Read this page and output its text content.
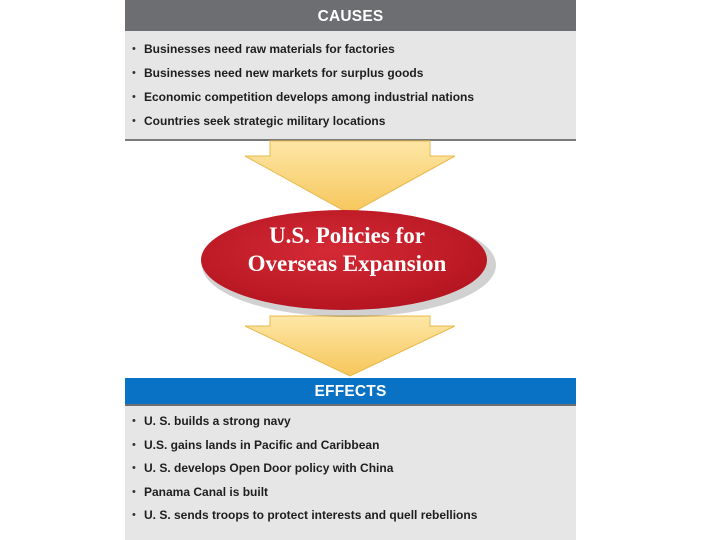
CAUSES
• Businesses need raw materials for factories
• Businesses need new markets for surplus goods
• Economic competition develops among industrial nations
• Countries seek strategic military locations
U.S. Policies for
Overseas Expansion
EFFECTS
• U. S. builds a strong navy
• U.S. gains lands in Pacific and Caribbean
• U. S. develops Open Door policy with China
• Panama Canal is built
• U. S. sends troops to protect interests and quell rebellions
